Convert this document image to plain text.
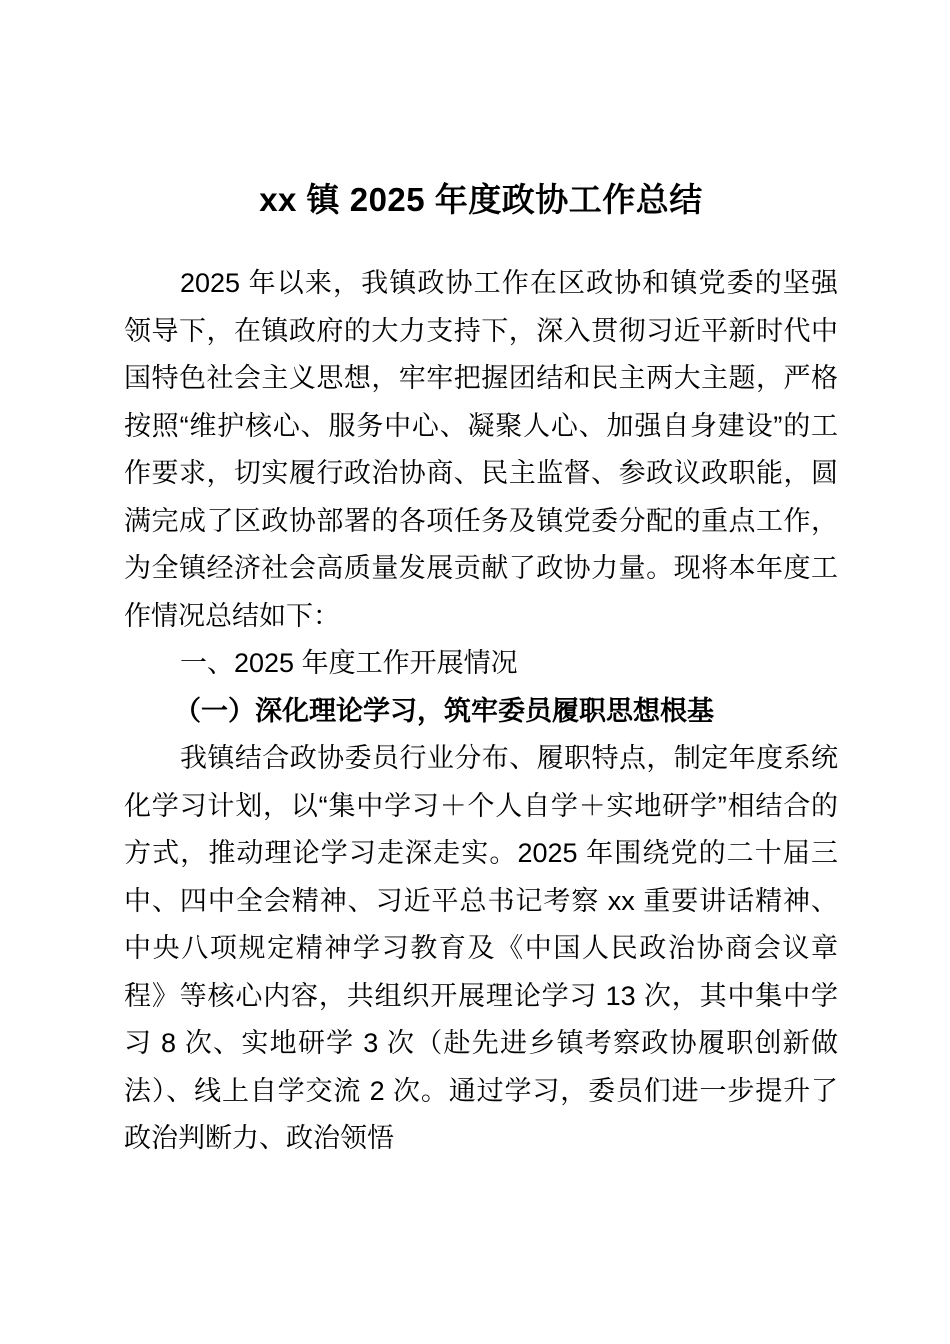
xx 镇 2025 年度政协工作总结

2025 年以来，我镇政协工作在区政协和镇党委的坚强领导下，在镇政府的大力支持下，深入贯彻习近平新时代中国特色社会主义思想，牢牢把握团结和民主两大主题，严格按照“维护核心、服务中心、凝聚人心、加强自身建设”的工作要求，切实履行政治协商、民主监督、参政议政职能，圆满完成了区政协部署的各项任务及镇党委分配的重点工作，为全镇经济社会高质量发展贡献了政协力量。现将本年度工作情况总结如下：

一、2025 年度工作开展情况
（一）深化理论学习，筑牢委员履职思想根基

我镇结合政协委员行业分布、履职特点，制定年度系统化学习计划，以“集中学习＋个人自学＋实地研学”相结合的方式，推动理论学习走深走实。2025 年围绕党的二十届三中、四中全会精神、习近平总书记考察 xx 重要讲话精神、中央八项规定精神学习教育及《中国人民政治协商会议章程》等核心内容，共组织开展理论学习 13 次，其中集中学习 8 次、实地研学 3 次（赴先进乡镇考察政协履职创新做法）、线上自学交流 2 次。通过学习，委员们进一步提升了政治判断力、政治领悟
